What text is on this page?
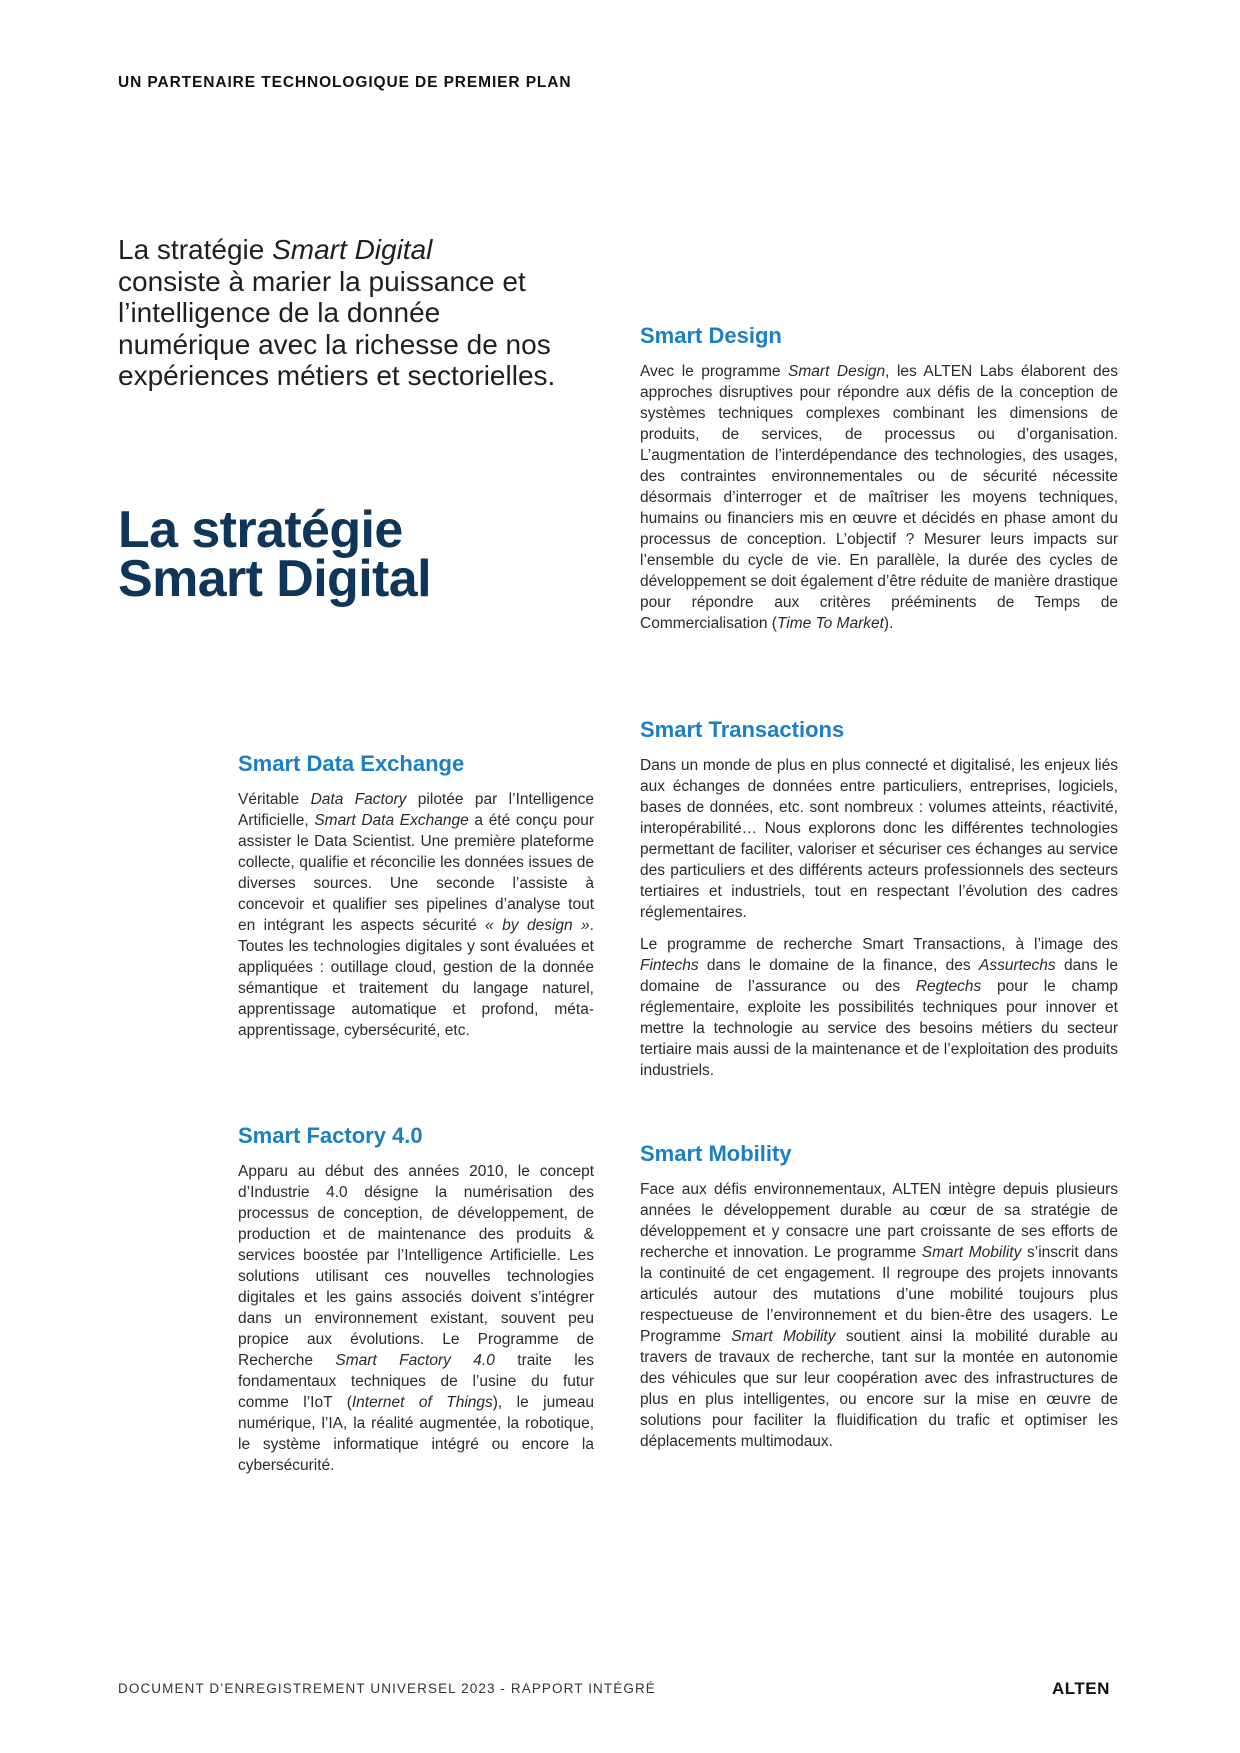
UN PARTENAIRE TECHNOLOGIQUE DE PREMIER PLAN
La stratégie Smart Digital
consiste à marier la puissance et l’intelligence de la donnée numérique avec la richesse de nos expériences métiers et sectorielles.
La stratégie
Smart Digital
Smart Design

Avec le programme Smart Design, les ALTEN Labs élaborent des approches disruptives pour répondre aux défis de la conception de systèmes techniques complexes combinant les dimensions de produits, de services, de processus ou d’organisation. L’augmentation de l’interdépendance des technologies, des usages, des contraintes environnementales ou de sécurité nécessite désormais d’interroger et de maîtriser les moyens techniques, humains ou financiers mis en œuvre et décidés en phase amont du processus de conception. L’objectif ? Mesurer leurs impacts sur l’ensemble du cycle de vie. En parallèle, la durée des cycles de développement se doit également d’être réduite de manière drastique pour répondre aux critères prééminents de Temps de Commercialisation (Time To Market).

Smart Transactions

Dans un monde de plus en plus connecté et digitalisé, les enjeux liés aux échanges de données entre particuliers, entreprises, logiciels, bases de données, etc. sont nombreux : volumes atteints, réactivité, interopérabilité… Nous explorons donc les différentes technologies permettant de faciliter, valoriser et sécuriser ces échanges au service des particuliers et des différents acteurs professionnels des secteurs tertiaires et industriels, tout en respectant l’évolution des cadres réglementaires.

Le programme de recherche Smart Transactions, à l’image des Fintechs dans le domaine de la finance, des Assurtechs dans le domaine de l’assurance ou des Regtechs pour le champ réglementaire, exploite les possibilités techniques pour innover et mettre la technologie au service des besoins métiers du secteur tertiaire mais aussi de la maintenance et de l’exploitation des produits industriels.

Smart Mobility

Face aux défis environnementaux, ALTEN intègre depuis plusieurs années le développement durable au cœur de sa stratégie de développement et y consacre une part croissante de ses efforts de recherche et innovation. Le programme Smart Mobility s’inscrit dans la continuité de cet engagement. Il regroupe des projets innovants articulés autour des mutations d’une mobilité toujours plus respectueuse de l’environnement et du bien-être des usagers. Le Programme Smart Mobility soutient ainsi la mobilité durable au travers de travaux de recherche, tant sur la montée en autonomie des véhicules que sur leur coopération avec des infrastructures de plus en plus intelligentes, ou encore sur la mise en œuvre de solutions pour faciliter la fluidification du trafic et optimiser les déplacements multimodaux.

Smart Data Exchange

Véritable Data Factory pilotée par l’Intelligence Artificielle, Smart Data Exchange a été conçu pour assister le Data Scientist. Une première plateforme collecte, qualifie et réconcilie les données issues de diverses sources. Une seconde l’assiste à concevoir et qualifier ses pipelines d’analyse tout en intégrant les aspects sécurité « by design ». Toutes les technologies digitales y sont évaluées et appliquées : outillage cloud, gestion de la donnée sémantique et traitement du langage naturel, apprentissage automatique et profond, méta-apprentissage, cybersécurité, etc.

Smart Factory 4.0

Apparu au début des années 2010, le concept d’Industrie 4.0 désigne la numérisation des processus de conception, de développement, de production et de maintenance des produits & services boostée par l’Intelligence Artificielle. Les solutions utilisant ces nouvelles technologies digitales et les gains associés doivent s’intégrer dans un environnement existant, souvent peu propice aux évolutions. Le Programme de Recherche Smart Factory 4.0 traite les fondamentaux techniques de l’usine du futur comme l’IoT (Internet of Things), le jumeau numérique, l’IA, la réalité augmentée, la robotique, le système informatique intégré ou encore la cybersécurité.

DOCUMENT D’ENREGISTREMENT UNIVERSEL 2023 - RAPPORT INTÉGRÉ	ALTEN
